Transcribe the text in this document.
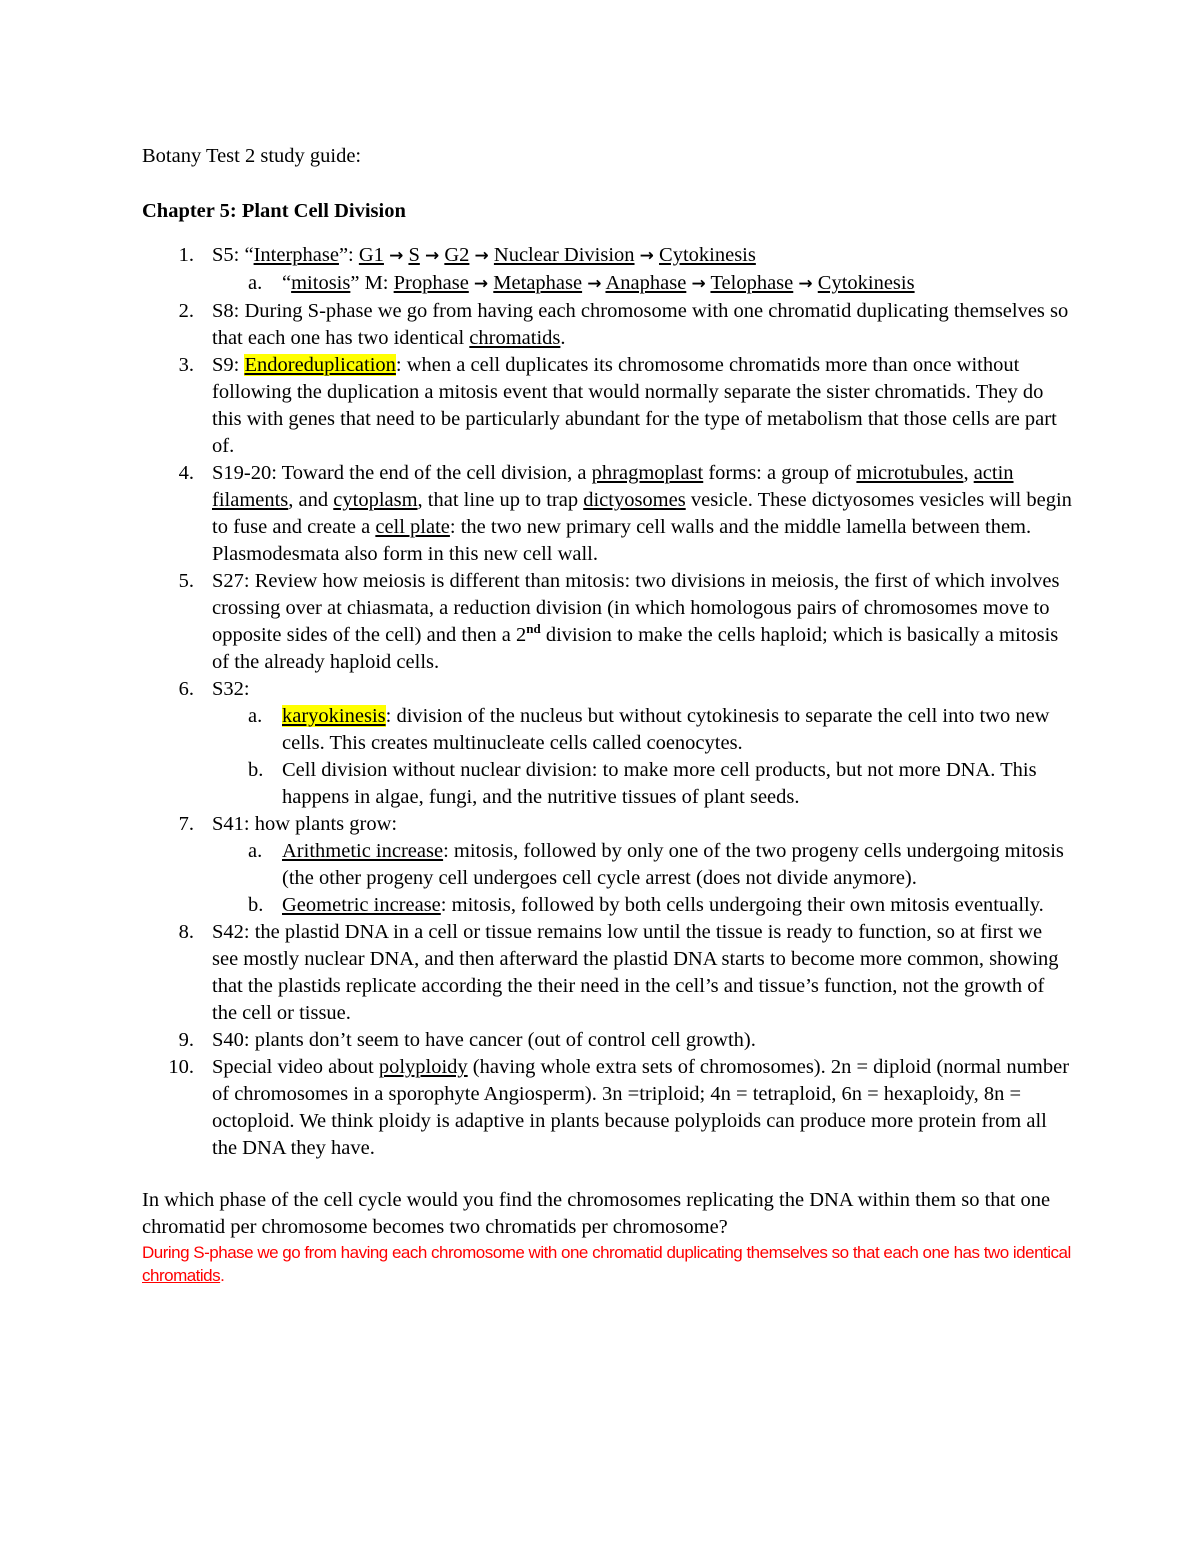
Botany Test 2 study guide:

Chapter 5: Plant Cell Division

1. S5: “Interphase”: G1 → S → G2 → Nuclear Division → Cytokinesis
a. “mitosis” M: Prophase → Metaphase → Anaphase → Telophase → Cytokinesis
2. S8: During S-phase we go from having each chromosome with one chromatid duplicating themselves so that each one has two identical chromatids.
3. S9: Endoreduplication: when a cell duplicates its chromosome chromatids more than once without following the duplication a mitosis event that would normally separate the sister chromatids. They do this with genes that need to be particularly abundant for the type of metabolism that those cells are part of.
4. S19-20: Toward the end of the cell division, a phragmoplast forms: a group of microtubules, actin filaments, and cytoplasm, that line up to trap dictyosomes vesicle. These dictyosomes vesicles will begin to fuse and create a cell plate: the two new primary cell walls and the middle lamella between them. Plasmodesmata also form in this new cell wall.
5. S27: Review how meiosis is different than mitosis: two divisions in meiosis, the first of which involves crossing over at chiasmata, a reduction division (in which homologous pairs of chromosomes move to opposite sides of the cell) and then a 2nd division to make the cells haploid; which is basically a mitosis of the already haploid cells.
6. S32:
a. karyokinesis: division of the nucleus but without cytokinesis to separate the cell into two new cells. This creates multinucleate cells called coenocytes.
b. Cell division without nuclear division: to make more cell products, but not more DNA. This happens in algae, fungi, and the nutritive tissues of plant seeds.
7. S41: how plants grow:
a. Arithmetic increase: mitosis, followed by only one of the two progeny cells undergoing mitosis (the other progeny cell undergoes cell cycle arrest (does not divide anymore).
b. Geometric increase: mitosis, followed by both cells undergoing their own mitosis eventually.
8. S42: the plastid DNA in a cell or tissue remains low until the tissue is ready to function, so at first we see mostly nuclear DNA, and then afterward the plastid DNA starts to become more common, showing that the plastids replicate according the their need in the cell’s and tissue’s function, not the growth of the cell or tissue.
9. S40: plants don’t seem to have cancer (out of control cell growth).
10. Special video about polyploidy (having whole extra sets of chromosomes). 2n = diploid (normal number of chromosomes in a sporophyte Angiosperm). 3n =triploid; 4n = tetraploid, 6n = hexaploidy, 8n = octoploid. We think ploidy is adaptive in plants because polyploids can produce more protein from all the DNA they have.

In which phase of the cell cycle would you find the chromosomes replicating the DNA within them so that one chromatid per chromosome becomes two chromatids per chromosome?

During S-phase we go from having each chromosome with one chromatid duplicating themselves so that each one has two identical chromatids.
